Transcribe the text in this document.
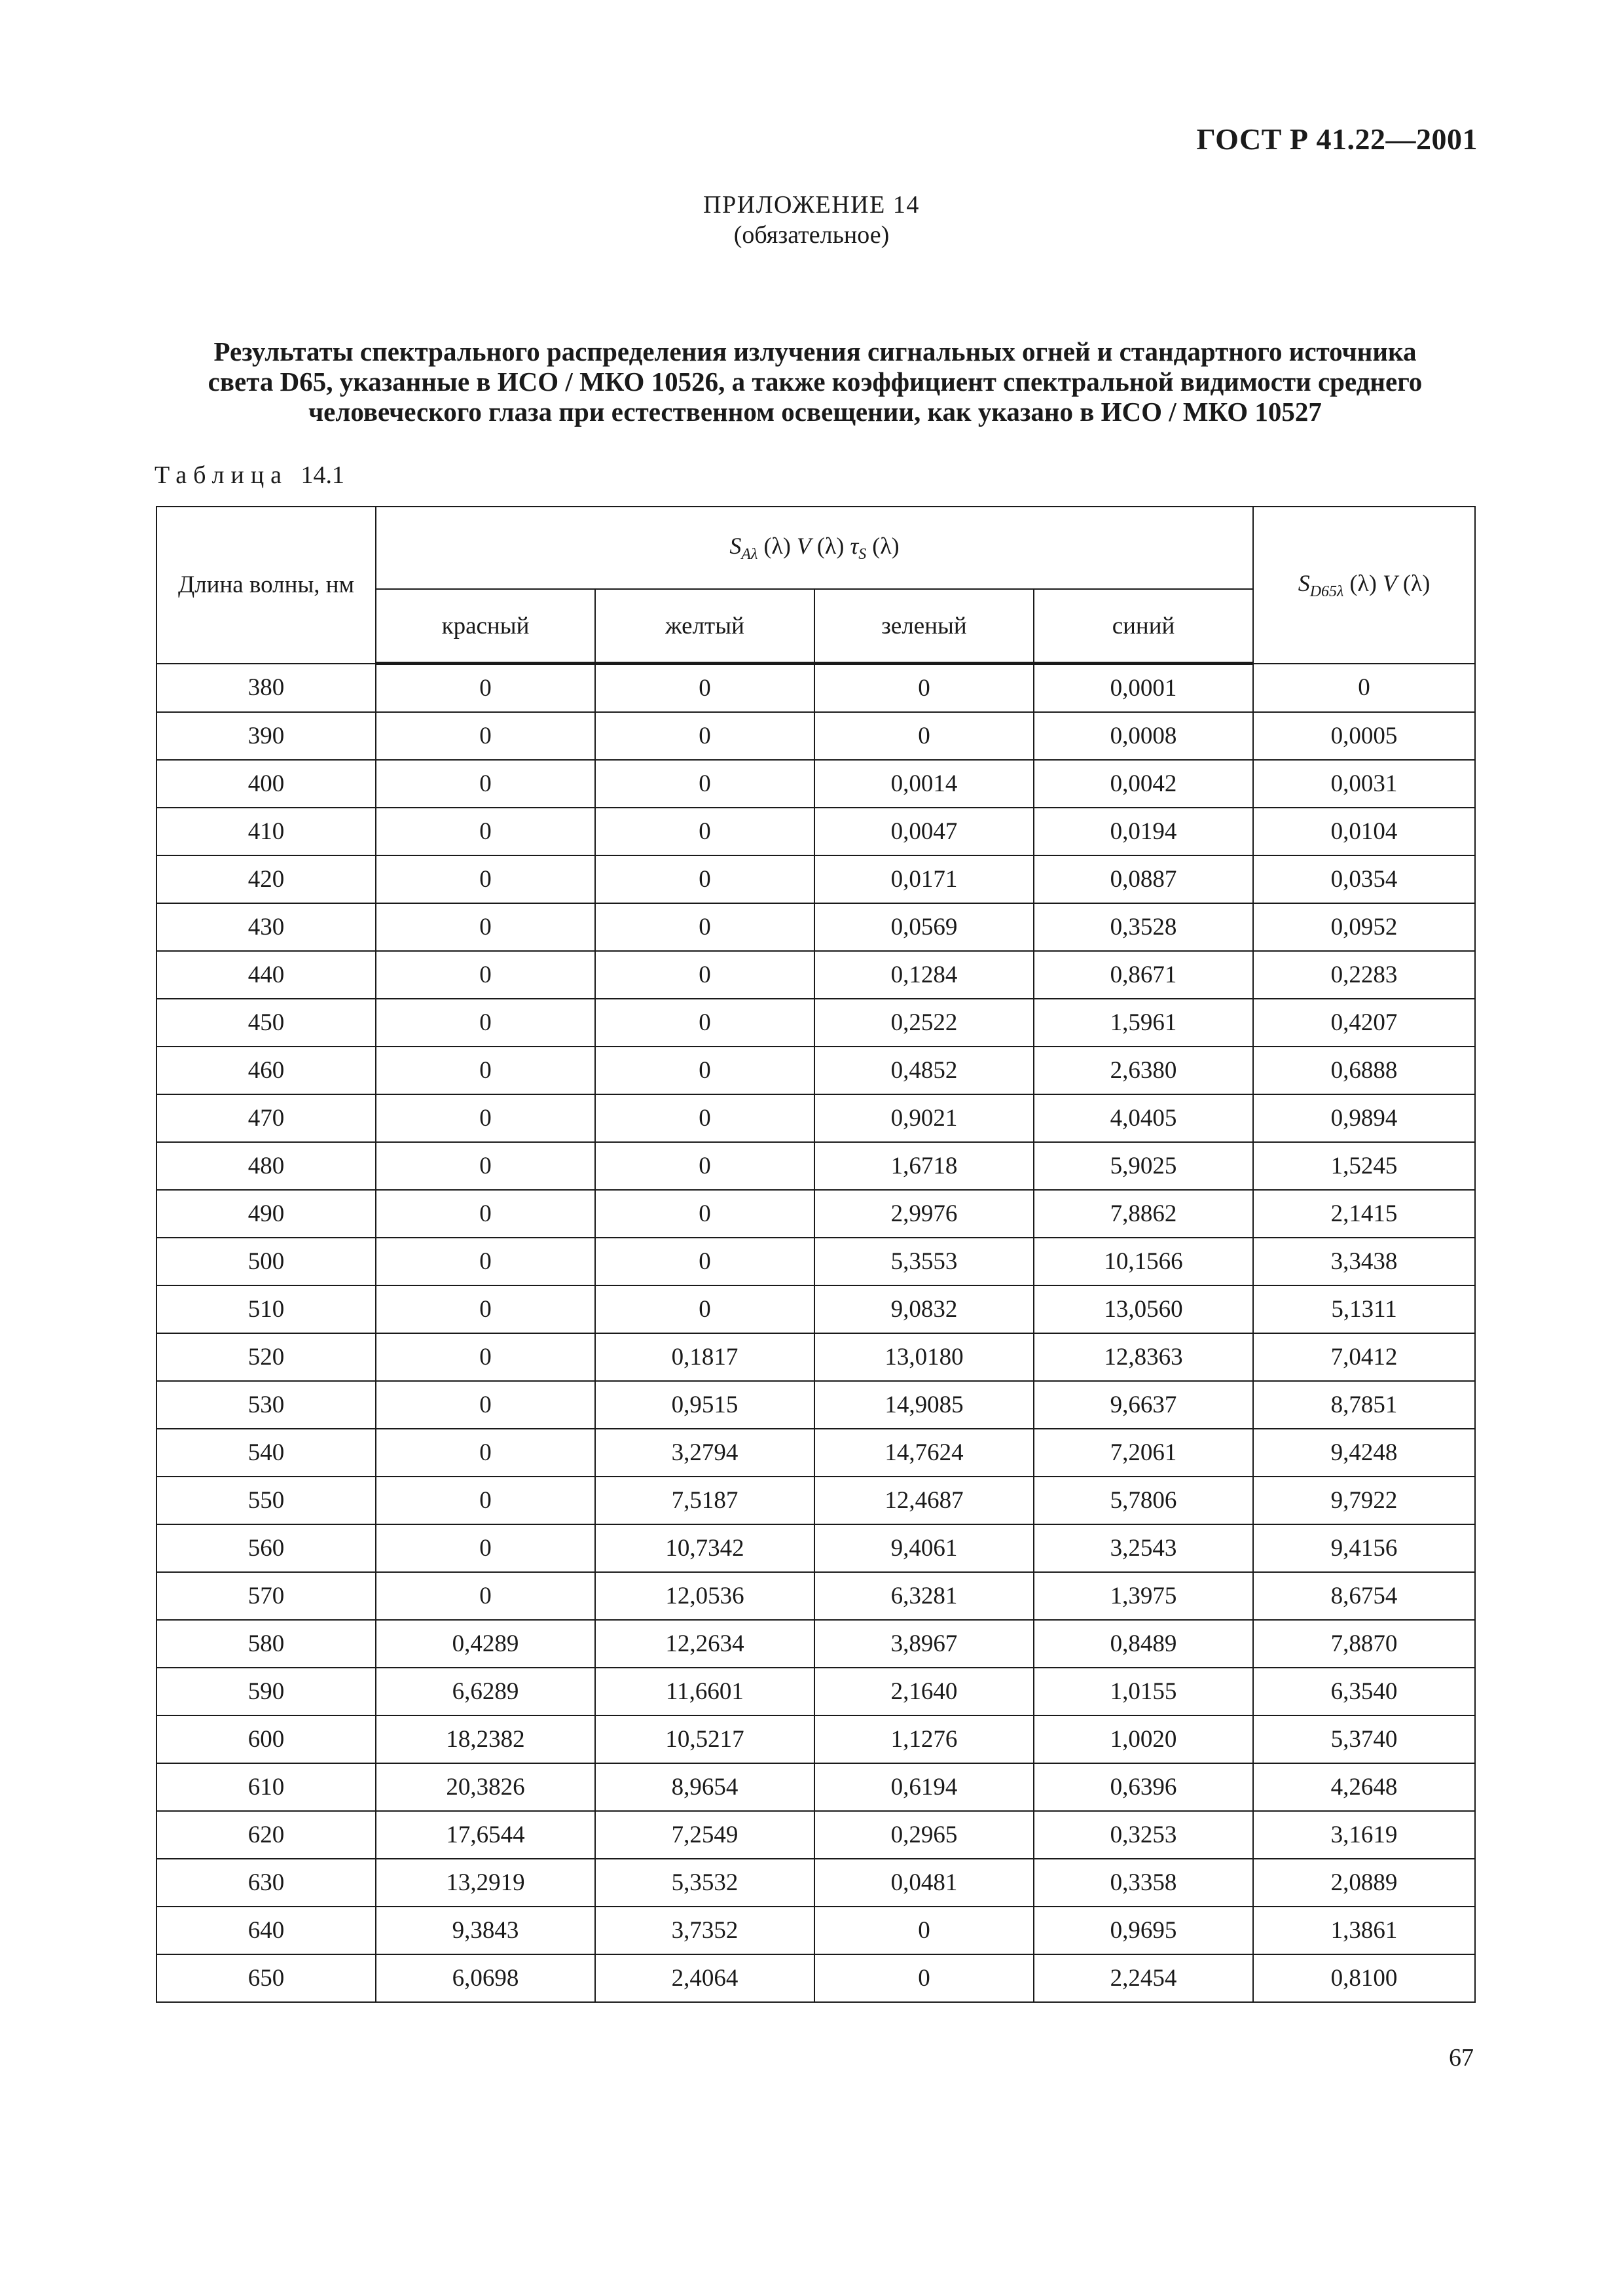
ГОСТ Р 41.22—2001
ПРИЛОЖЕНИЕ 14
(обязательное)
Результаты спектрального распределения излучения сигнальных огней и стандартного источника
света D65, указанные в ИСО / МКО 10526, а также коэффициент спектральной видимости среднего
человеческого глаза при естественном освещении, как указано в ИСО / МКО 10527
Таблица 14.1
Длина волны, нм	$S_{A\lambda}$ (λ) V (λ) $\tau_S$ (λ)				$S_{D65\lambda}$ (λ) V (λ)
	красный	желтый	зеленый	синий	
380	0	0	0	0,0001	0
390	0	0	0	0,0008	0,0005
400	0	0	0,0014	0,0042	0,0031
410	0	0	0,0047	0,0194	0,0104
420	0	0	0,0171	0,0887	0,0354
430	0	0	0,0569	0,3528	0,0952
440	0	0	0,1284	0,8671	0,2283
450	0	0	0,2522	1,5961	0,4207
460	0	0	0,4852	2,6380	0,6888
470	0	0	0,9021	4,0405	0,9894
480	0	0	1,6718	5,9025	1,5245
490	0	0	2,9976	7,8862	2,1415
500	0	0	5,3553	10,1566	3,3438
510	0	0	9,0832	13,0560	5,1311
520	0	0,1817	13,0180	12,8363	7,0412
530	0	0,9515	14,9085	9,6637	8,7851
540	0	3,2794	14,7624	7,2061	9,4248
550	0	7,5187	12,4687	5,7806	9,7922
560	0	10,7342	9,4061	3,2543	9,4156
570	0	12,0536	6,3281	1,3975	8,6754
580	0,4289	12,2634	3,8967	0,8489	7,8870
590	6,6289	11,6601	2,1640	1,0155	6,3540
600	18,2382	10,5217	1,1276	1,0020	5,3740
610	20,3826	8,9654	0,6194	0,6396	4,2648
620	17,6544	7,2549	0,2965	0,3253	3,1619
630	13,2919	5,3532	0,0481	0,3358	2,0889
640	9,3843	3,7352	0	0,9695	1,3861
650	6,0698	2,4064	0	2,2454	0,8100
67
